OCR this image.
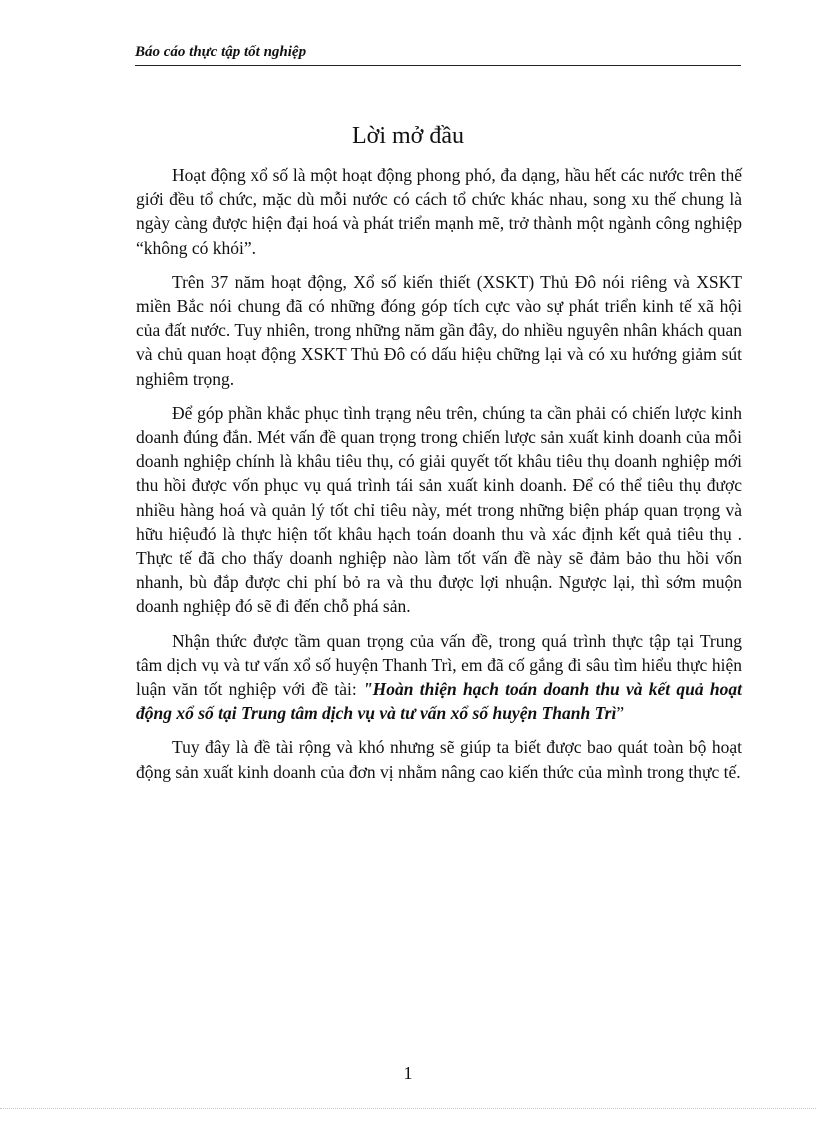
Báo cáo thực tập tốt nghiệp
Lời mở đầu

Hoạt động xổ số là một hoạt động phong phó, đa dạng, hầu hết các nước trên thế giới đều tổ chức, mặc dù mỗi nước có cách tổ chức khác nhau, song xu thế chung là ngày càng được hiện đại hoá và phát triển mạnh mẽ, trở thành một ngành công nghiệp “không có khói”.

Trên 37 năm hoạt động, Xổ số kiến thiết (XSKT) Thủ Đô nói riêng và XSKT miền Bắc nói chung đã có những đóng góp tích cực vào sự phát triển kinh tế xã hội của đất nước. Tuy nhiên, trong những năm gần đây, do nhiều nguyên nhân khách quan và chủ quan hoạt động XSKT Thủ Đô có dấu hiệu chững lại và có xu hướng giảm sút nghiêm trọng.

Để góp phần khắc phục tình trạng nêu trên, chúng ta cần phải có chiến lược kinh doanh đúng đắn. Mét vấn đề quan trọng trong chiến lược sản xuất kinh doanh của mỗi doanh nghiệp chính là khâu tiêu thụ, có giải quyết tốt khâu tiêu thụ doanh nghiệp mới thu hồi được vốn phục vụ quá trình tái sản xuất kinh doanh. Để có thể tiêu thụ được nhiều hàng hoá và quản lý tốt chỉ tiêu này, mét trong những biện pháp quan trọng và hữu hiệuđó là thực hiện tốt khâu hạch toán doanh thu và xác định kết quả tiêu thụ . Thực tế đã cho thấy doanh nghiệp nào làm tốt vấn đề này sẽ đảm bảo thu hồi vốn nhanh, bù đắp được chi phí bỏ ra và thu được lợi nhuận. Ngược lại, thì sớm muộn doanh nghiệp đó sẽ đi đến chỗ phá sản.

Nhận thức được tầm quan trọng của vấn đề, trong quá trình thực tập tại Trung tâm dịch vụ và tư vấn xổ số huyện Thanh Trì, em đã cố gắng đi sâu tìm hiểu thực hiện luận văn tốt nghiệp với đề tài: "Hoàn thiện hạch toán doanh thu và kết quả hoạt động xổ số tại Trung tâm dịch vụ và tư vấn xổ số huyện Thanh Trì”

Tuy đây là đề tài rộng và khó nhưng sẽ giúp ta biết được bao quát toàn bộ hoạt động sản xuất kinh doanh của đơn vị nhằm nâng cao kiến thức của mình trong thực tế.

1
